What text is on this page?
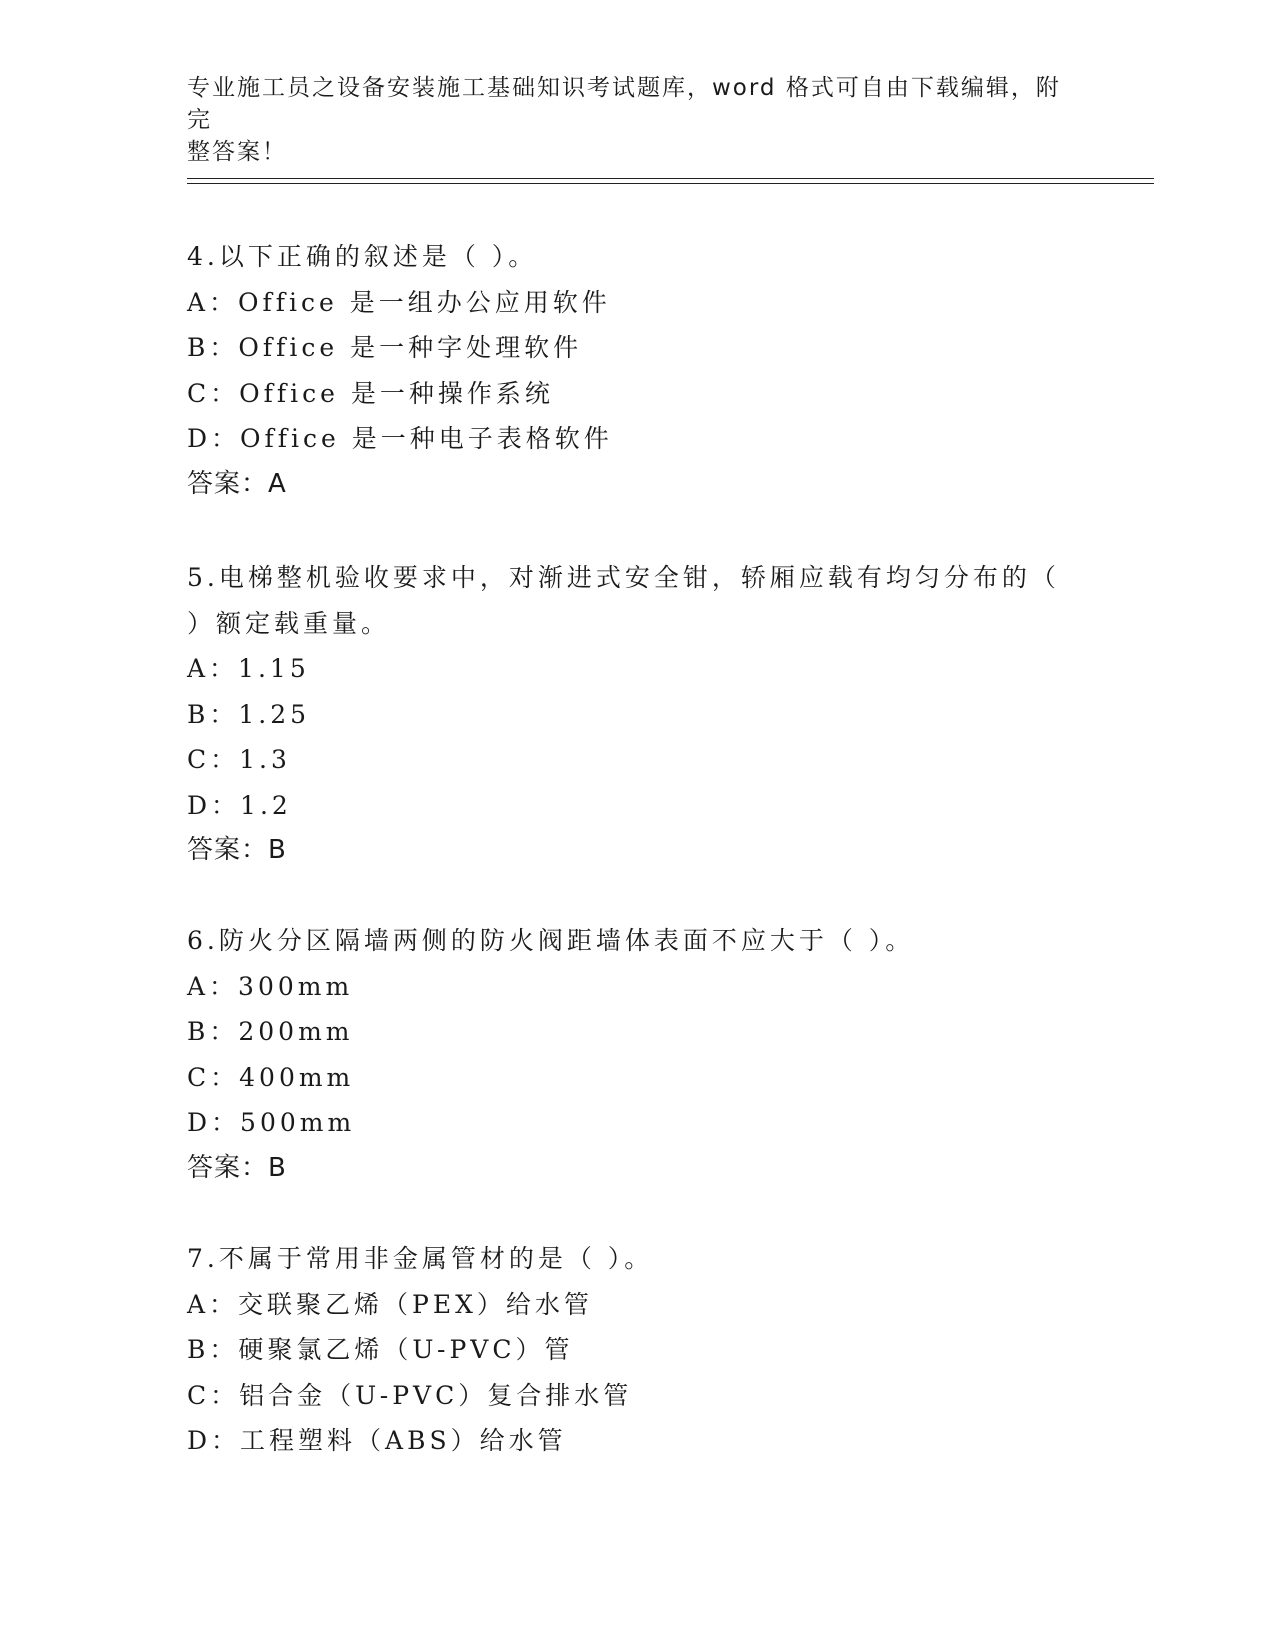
专业施工员之设备安装施工基础知识考试题库，word 格式可自由下载编辑，附完
整答案！
4.以下正确的叙述是（ ）。
A：Office 是一组办公应用软件
B：Office 是一种字处理软件
C：Office 是一种操作系统
D：Office 是一种电子表格软件
答案：A
5.电梯整机验收要求中，对渐进式安全钳，轿厢应载有均匀分布的（ ）额定载重量。
A：1.15
B：1.25
C：1.3
D：1.2
答案：B
6.防火分区隔墙两侧的防火阀距墙体表面不应大于（ ）。
A：300mm
B：200mm
C：400mm
D：500mm
答案：B
7.不属于常用非金属管材的是（ ）。
A：交联聚乙烯（PEX）给水管
B：硬聚氯乙烯（U-PVC）管
C：铝合金（U-PVC）复合排水管
D：工程塑料（ABS）给水管
